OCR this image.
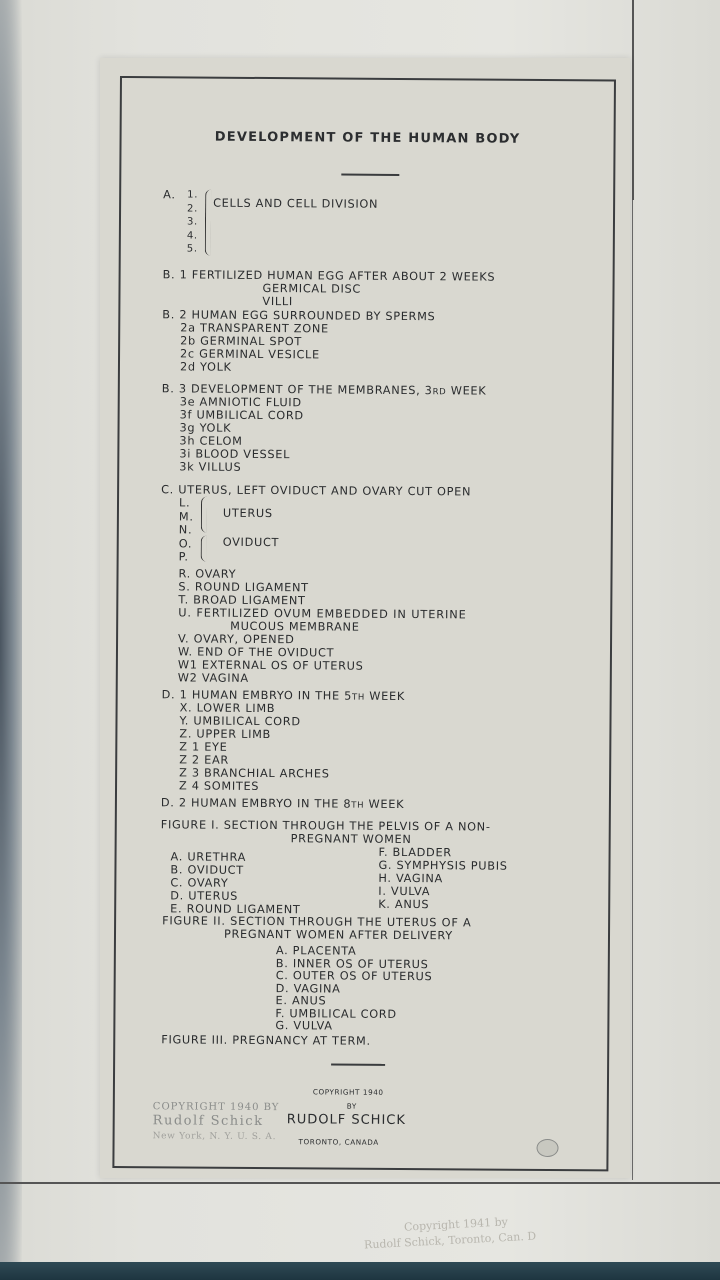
DEVELOPMENT OF THE HUMAN BODY
A. 1.
2.
3.
4.
5.
CELLS AND CELL DIVISION
B. 1 FERTILIZED HUMAN EGG AFTER ABOUT 2 WEEKS
GERMICAL DISC
VILLI
B. 2 HUMAN EGG SURROUNDED BY SPERMS
2a TRANSPARENT ZONE
2b GERMINAL SPOT
2c GERMINAL VESICLE
2d YOLK
B. 3 DEVELOPMENT OF THE MEMBRANES, 3RD WEEK
3e AMNIOTIC FLUID
3f UMBILICAL CORD
3g YOLK
3h CELOM
3i BLOOD VESSEL
3k VILLUS
C. UTERUS, LEFT OVIDUCT AND OVARY CUT OPEN
L.
M.
N.
O.
P.
UTERUS
OVIDUCT
R. OVARY
S. ROUND LIGAMENT
T. BROAD LIGAMENT
U. FERTILIZED OVUM EMBEDDED IN UTERINE
MUCOUS MEMBRANE
V. OVARY, OPENED
W. END OF THE OVIDUCT
W1 EXTERNAL OS OF UTERUS
W2 VAGINA
D. 1 HUMAN EMBRYO IN THE 5TH WEEK
X. LOWER LIMB
Y. UMBILICAL CORD
Z. UPPER LIMB
Z 1 EYE
Z 2 EAR
Z 3 BRANCHIAL ARCHES
Z 4 SOMITES
D. 2 HUMAN EMBRYO IN THE 8TH WEEK
FIGURE I. SECTION THROUGH THE PELVIS OF A NON-
PREGNANT WOMEN
A. URETHRA
B. OVIDUCT
C. OVARY
D. UTERUS
E. ROUND LIGAMENT
F. BLADDER
G. SYMPHYSIS PUBIS
H. VAGINA
I. VULVA
K. ANUS
FIGURE II. SECTION THROUGH THE UTERUS OF A
PREGNANT WOMEN AFTER DELIVERY
A. PLACENTA
B. INNER OS OF UTERUS
C. OUTER OS OF UTERUS
D. VAGINA
E. ANUS
F. UMBILICAL CORD
G. VULVA
FIGURE III. PREGNANCY AT TERM.
COPYRIGHT 1940
COPYRIGHT 1940 BY	BY
Rudolf Schick RUDOLF SCHICK
New York, N. Y. U. S. A.	TORONTO, CANADA
Copyright 1941 by
Rudolf Schick, Toronto, Can. D
